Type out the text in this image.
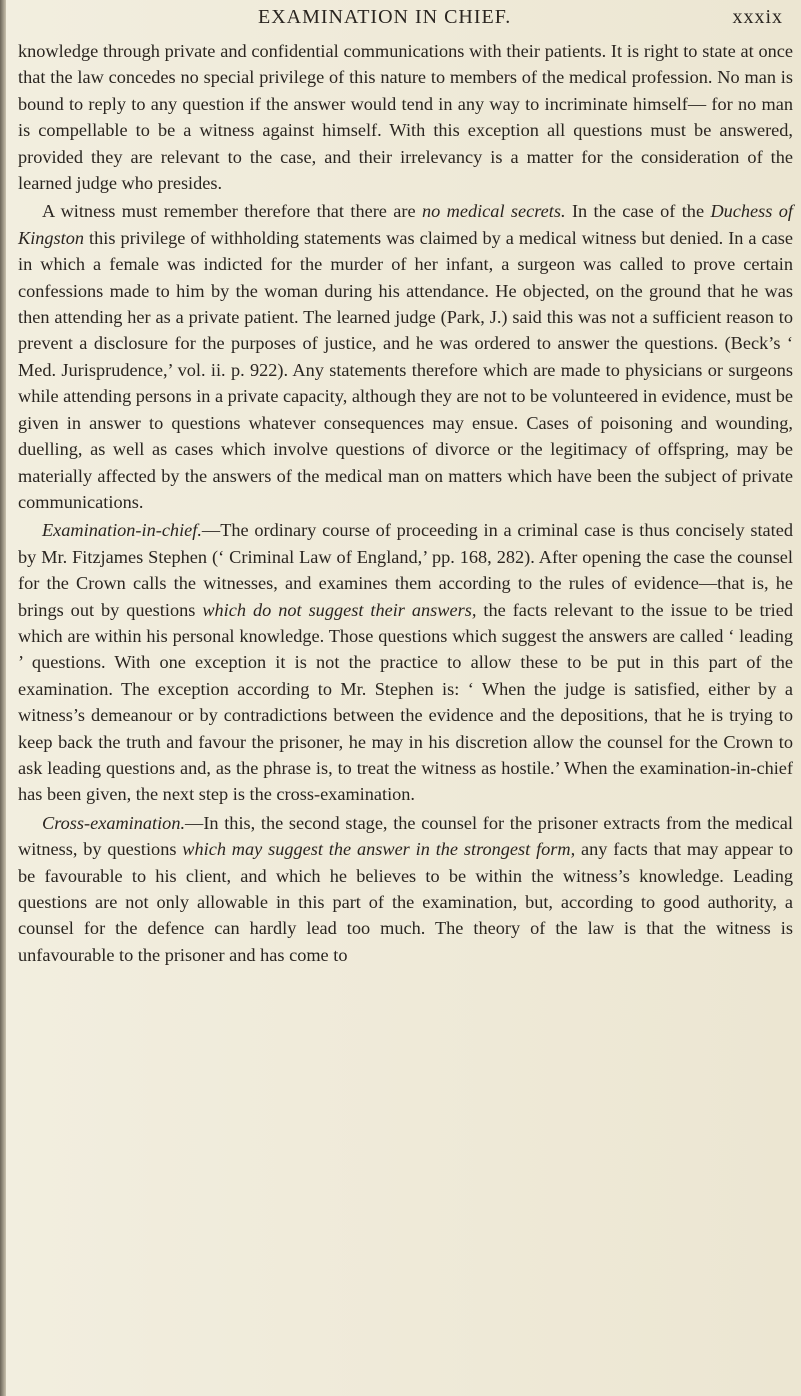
EXAMINATION IN CHIEF.	xxxix

knowledge through private and confidential communications with their patients. It is right to state at once that the law concedes no special privilege of this nature to members of the medical profession. No man is bound to reply to any question if the answer would tend in any way to incriminate himself— for no man is compellable to be a witness against himself. With this exception all questions must be answered, provided they are relevant to the case, and their irrelevancy is a matter for the consideration of the learned judge who presides.

A witness must remember therefore that there are no medical secrets. In the case of the Duchess of Kingston this privilege of withholding statements was claimed by a medical witness but denied. In a case in which a female was indicted for the murder of her infant, a surgeon was called to prove certain confessions made to him by the woman during his attendance. He objected, on the ground that he was then attending her as a private patient. The learned judge (Park, J.) said this was not a sufficient reason to prevent a disclosure for the purposes of justice, and he was ordered to answer the questions. (Beck’s ‘ Med. Jurisprudence,’ vol. ii. p. 922). Any statements therefore which are made to physicians or surgeons while attending persons in a private capacity, although they are not to be volunteered in evidence, must be given in answer to questions whatever consequences may ensue. Cases of poisoning and wounding, duelling, as well as cases which involve questions of divorce or the legitimacy of offspring, may be materially affected by the answers of the medical man on matters which have been the subject of private communications.

Examination-in-chief.—The ordinary course of proceeding in a criminal case is thus concisely stated by Mr. Fitzjames Stephen (‘ Criminal Law of England,’ pp. 168, 282). After opening the case the counsel for the Crown calls the witnesses, and examines them according to the rules of evidence—that is, he brings out by questions which do not suggest their answers, the facts relevant to the issue to be tried which are within his personal knowledge. Those questions which suggest the answers are called ‘ leading ’ questions. With one exception it is not the practice to allow these to be put in this part of the examination. The exception according to Mr. Stephen is: ‘ When the judge is satisfied, either by a witness’s demeanour or by contradictions between the evidence and the depositions, that he is trying to keep back the truth and favour the prisoner, he may in his discretion allow the counsel for the Crown to ask leading questions and, as the phrase is, to treat the witness as hostile.’ When the examination-in-chief has been given, the next step is the cross-examination.

Cross-examination.—In this, the second stage, the counsel for the prisoner extracts from the medical witness, by questions which may suggest the answer in the strongest form, any facts that may appear to be favourable to his client, and which he believes to be within the witness’s knowledge. Leading questions are not only allowable in this part of the examination, but, according to good authority, a counsel for the defence can hardly lead too much. The theory of the law is that the witness is unfavourable to the prisoner and has come to
